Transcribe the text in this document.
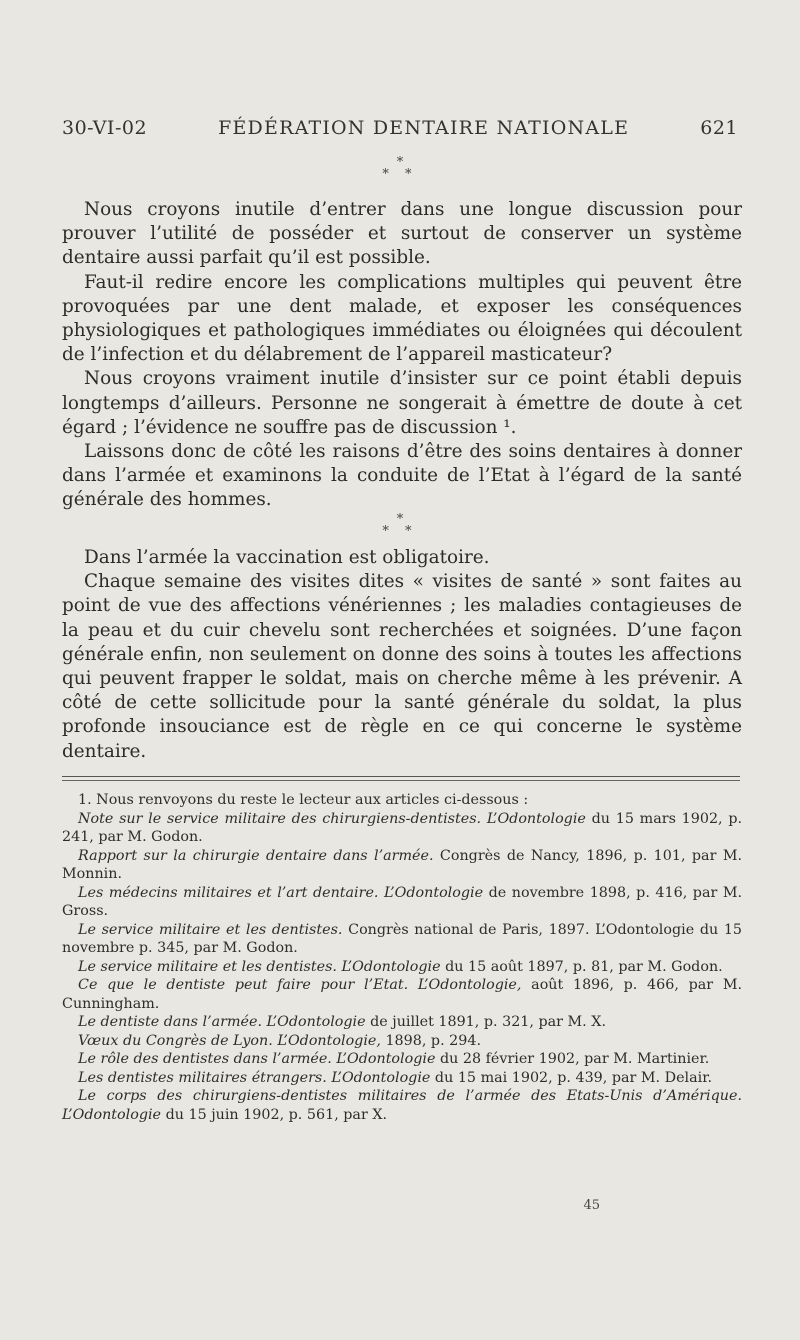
30-VI-02	FÉDÉRATION DENTAIRE NATIONALE	621
*
* *

Nous croyons inutile d’entrer dans une longue discussion pour prouver l’utilité de posséder et surtout de conserver un système dentaire aussi parfait qu’il est possible.

Faut-il redire encore les complications multiples qui peuvent être provoquées par une dent malade, et exposer les conséquences physiologiques et pathologiques immédiates ou éloignées qui découlent de l’infection et du délabrement de l’appareil masticateur?

Nous croyons vraiment inutile d’insister sur ce point établi depuis longtemps d’ailleurs. Personne ne songerait à émettre de doute à cet égard ; l’évidence ne souffre pas de discussion ¹.

Laissons donc de côté les raisons d’être des soins dentaires à donner dans l’armée et examinons la conduite de l’Etat à l’égard de la santé générale des hommes.

*
* *

Dans l’armée la vaccination est obligatoire.

Chaque semaine des visites dites « visites de santé » sont faites au point de vue des affections vénériennes ; les maladies contagieuses de la peau et du cuir chevelu sont recherchées et soignées. D’une façon générale enfin, non seulement on donne des soins à toutes les affections qui peuvent frapper le soldat, mais on cherche même à les prévenir. A côté de cette sollicitude pour la santé générale du soldat, la plus profonde insouciance est de règle en ce qui concerne le système dentaire.

1. Nous renvoyons du reste le lecteur aux articles ci-dessous :

Note sur le service militaire des chirurgiens-dentistes. L’Odontologie du 15 mars 1902, p. 241, par M. Godon.

Rapport sur la chirurgie dentaire dans l’armée. Congrès de Nancy, 1896, p. 101, par M. Monnin.

Les médecins militaires et l’art dentaire. L’Odontologie de novembre 1898, p. 416, par M. Gross.

Le service militaire et les dentistes. Congrès national de Paris, 1897. L’Odontologie du 15 novembre p. 345, par M. Godon.

Le service militaire et les dentistes. L’Odontologie du 15 août 1897, p. 81, par M. Godon.

Ce que le dentiste peut faire pour l’Etat. L’Odontologie, août 1896, p. 466, par M. Cunningham.

Le dentiste dans l’armée. L’Odontologie de juillet 1891, p. 321, par M. X.

Vœux du Congrès de Lyon. L’Odontologie, 1898, p. 294.

Le rôle des dentistes dans l’armée. L’Odontologie du 28 février 1902, par M. Martinier.

Les dentistes militaires étrangers. L’Odontologie du 15 mai 1902, p. 439, par M. Delair.

Le corps des chirurgiens-dentistes militaires de l’armée des Etats-Unis d’Amérique. L’Odontologie du 15 juin 1902, p. 561, par X.

45
